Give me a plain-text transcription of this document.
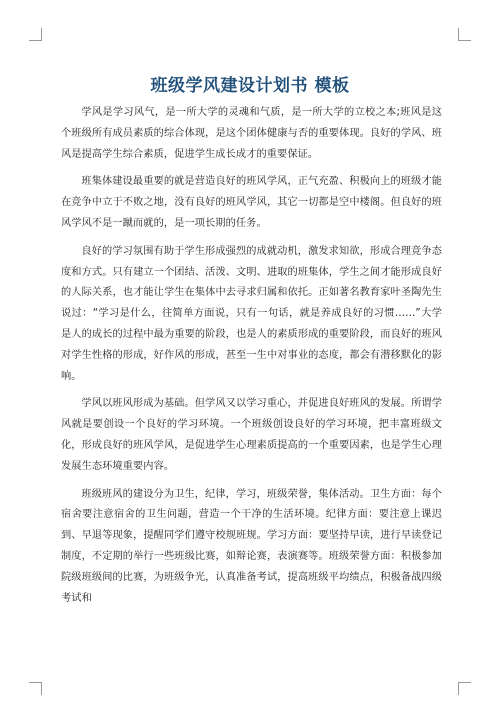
班级学风建设计划书 模板

学风是学习风气，是一所大学的灵魂和气质，是一所大学的立校之本;班风是这个班级所有成员素质的综合体现，是这个团体健康与否的重要体现。良好的学风、班风是提高学生综合素质，促进学生成长成才的重要保证。

班集体建设最重要的就是营造良好的班风学风，正气充盈、积极向上的班级才能在竞争中立于不败之地，没有良好的班风学风，其它一切都是空中楼阁。但良好的班风学风不是一蹴而就的，是一项长期的任务。

良好的学习氛围有助于学生形成强烈的成就动机，激发求知欲，形成合理竞争态度和方式。只有建立一个团结、活泼、文明、进取的班集体，学生之间才能形成良好的人际关系，也才能让学生在集体中去寻求归属和依托。正如著名教育家叶圣陶先生说过：“学习是什么，往简单方面说，只有一句话，就是养成良好的习惯……”大学是人的成长的过程中最为重要的阶段，也是人的素质形成的重要阶段，而良好的班风对学生性格的形成，好作风的形成，甚至一生中对事业的态度，都会有潜移默化的影响。

学风以班风形成为基础。但学风又以学习重心，并促进良好班风的发展。所谓学风就是要创设一个良好的学习环境。一个班级创设良好的学习环境，把丰富班级文化，形成良好的班风学风，是促进学生心理素质提高的一个重要因素，也是学生心理发展生态环境重要内容。

班级班风的建设分为卫生，纪律，学习，班级荣誉，集体活动。卫生方面：每个宿舍要注意宿舍的卫生问题，营造一个干净的生活环境。纪律方面：要注意上课迟到、早退等现象，提醒同学们遵守校规班规。学习方面：要坚持早读，进行早读登记制度，不定期的举行一些班级比赛，如辩论赛，表演赛等。班级荣誉方面：积极参加院级班级间的比赛，为班级争光，认真准备考试，提高班级平均绩点，积极备战四级考试和
